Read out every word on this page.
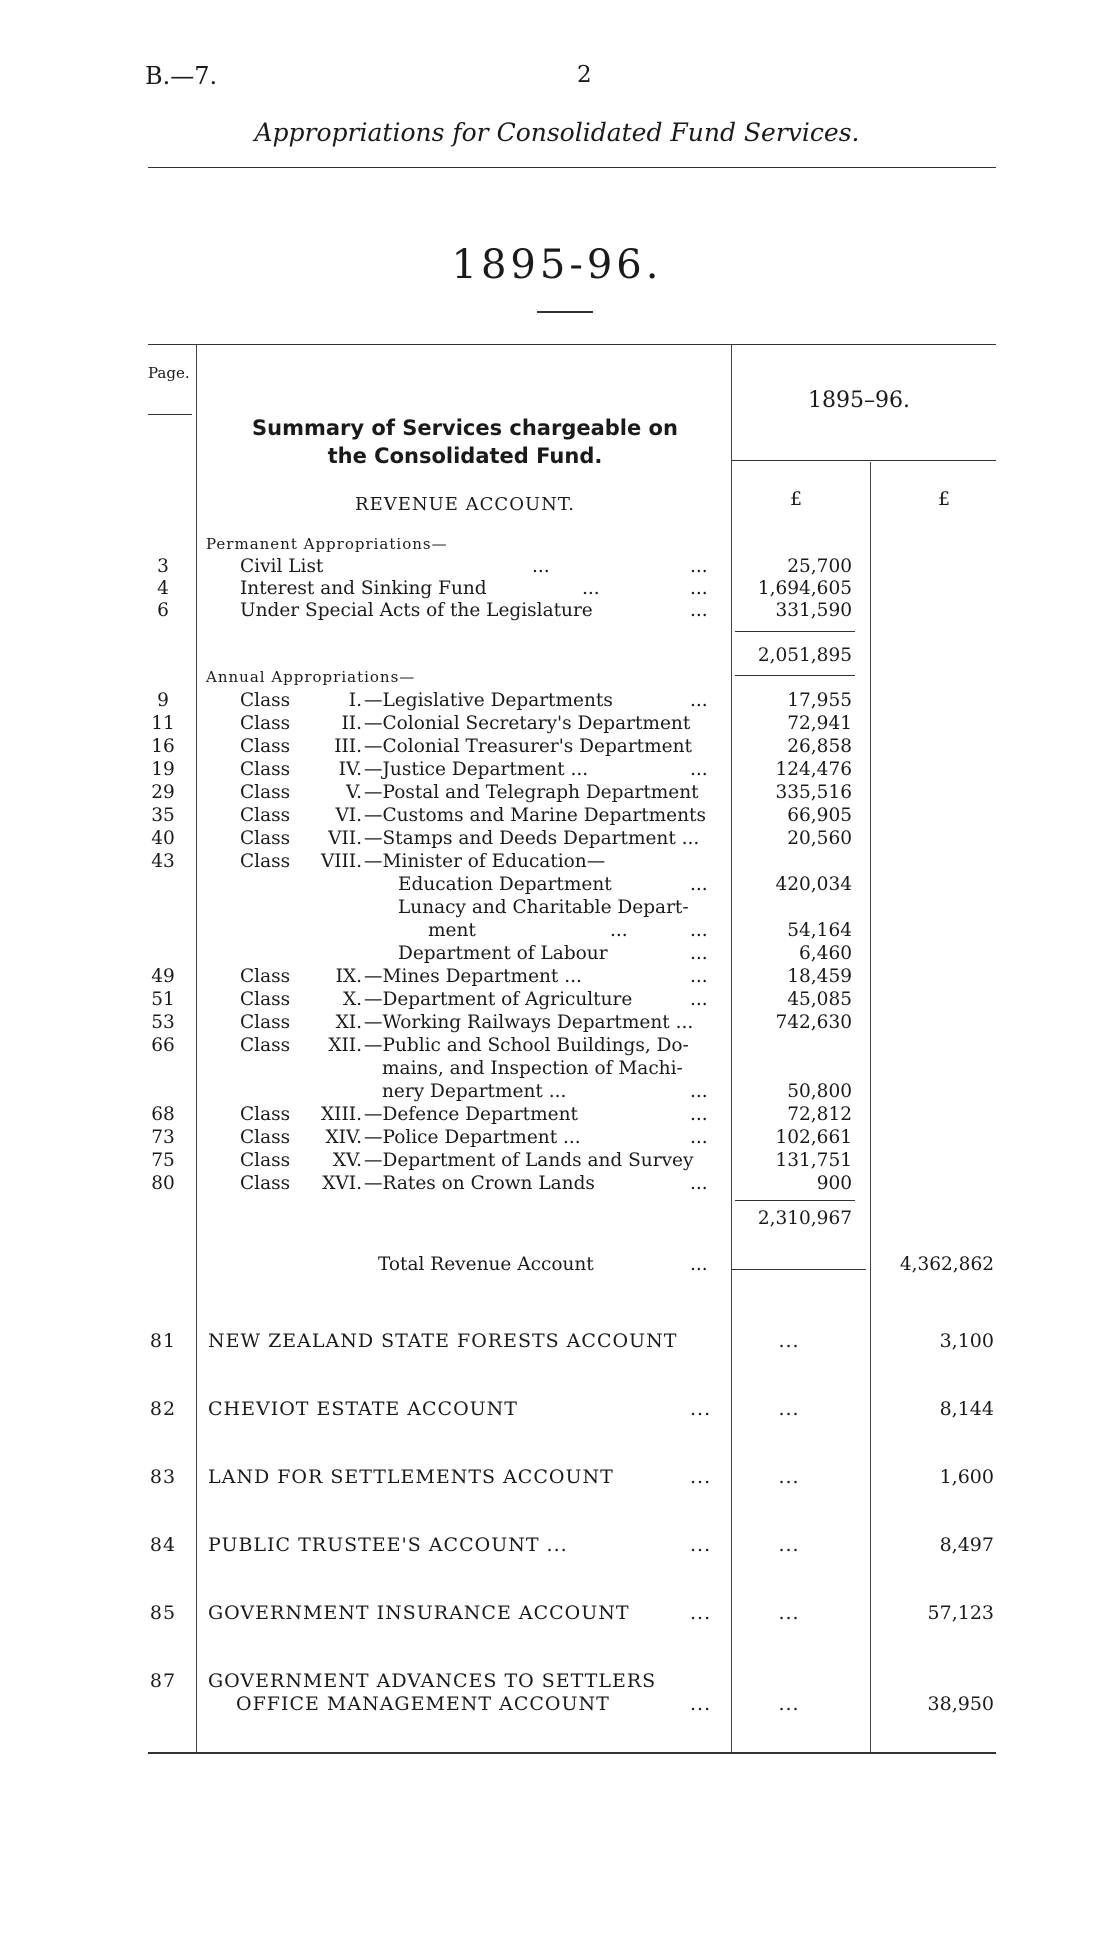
B.—7.	2
Appropriations for Consolidated Fund Services.
1895-96.
Page.
Summary of Services chargeable on
the Consolidated Fund.
1895–96.
£	£
REVENUE ACCOUNT.
Permanent Appropriations—
3	Civil List	...	...	25,700
4	Interest and Sinking Fund	...	...	1,694,605
6	Under Special Acts of the Legislature	...	331,590
2,051,895
Annual Appropriations—
9	Class	I. —Legislative Departments	...	17,955
11	Class	II. —Colonial Secretary's Department	72,941
16	Class	III. —Colonial Treasurer's Department	26,858
19	Class	IV. —Justice Department ...	...	124,476
29	Class	V. —Postal and Telegraph Department	335,516
35	Class	VI. —Customs and Marine Departments	66,905
40	Class	VII. —Stamps and Deeds Department ...	20,560
43	Class	VIII. —Minister of Education—
Education Department	...	420,034
Lunacy and Charitable Depart-
ment	...	...	54,164
Department of Labour	...	6,460
49	Class	IX. —Mines Department ...	...	18,459
51	Class	X. —Department of Agriculture	...	45,085
53	Class	XI. —Working Railways Department ...	742,630
66	Class	XII. —Public and School Buildings, Do-
mains, and Inspection of Machi-
nery Department ...	...	50,800
68	Class	XIII. —Defence Department	...	72,812
73	Class	XIV. —Police Department ...	...	102,661
75	Class	XV. —Department of Lands and Survey	131,751
80	Class	XVI. —Rates on Crown Lands	...	900
2,310,967
Total Revenue Account	...	4,362,862
81	NEW ZEALAND STATE FORESTS ACCOUNT	...	3,100
82	CHEVIOT ESTATE ACCOUNT	...	...	8,144
83	LAND FOR SETTLEMENTS ACCOUNT	...	...	1,600
84	PUBLIC TRUSTEE'S ACCOUNT ...	...	...	8,497
85	GOVERNMENT INSURANCE ACCOUNT	...	...	57,123
87	GOVERNMENT ADVANCES TO SETTLERS
OFFICE MANAGEMENT ACCOUNT	...	...	38,950
